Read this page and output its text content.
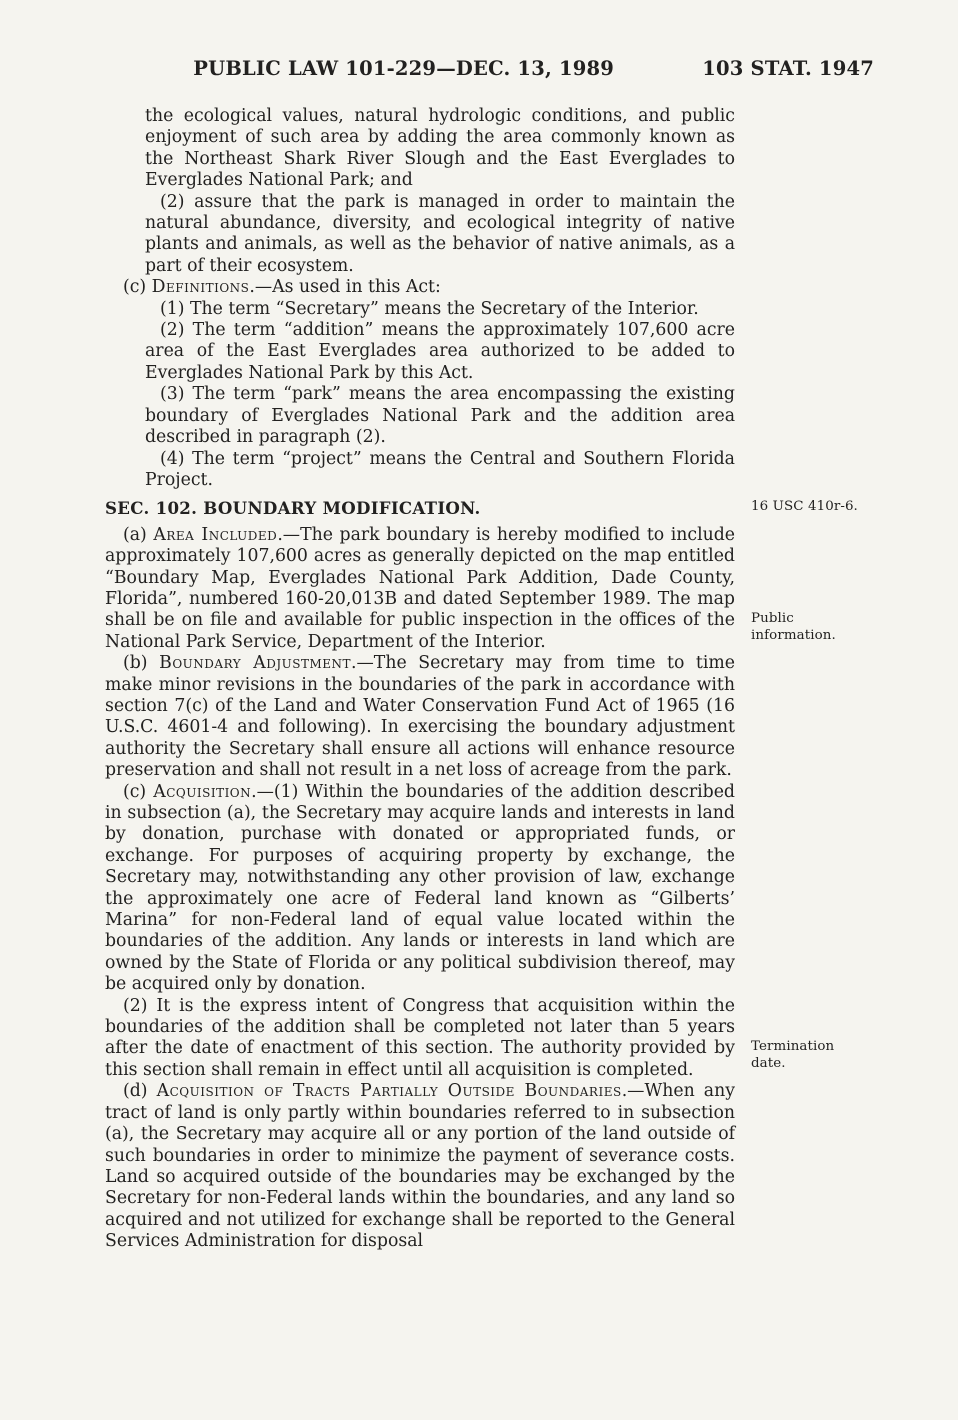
PUBLIC LAW 101-229—DEC. 13, 1989	103 STAT. 1947

the ecological values, natural hydrologic conditions, and public enjoyment of such area by adding the area commonly known as the Northeast Shark River Slough and the East Everglades to Everglades National Park; and

(2) assure that the park is managed in order to maintain the natural abundance, diversity, and ecological integrity of native plants and animals, as well as the behavior of native animals, as a part of their ecosystem.

(c) Definitions.—As used in this Act:

(1) The term “Secretary” means the Secretary of the Interior.

(2) The term “addition” means the approximately 107,600 acre area of the East Everglades area authorized to be added to Everglades National Park by this Act.

(3) The term “park” means the area encompassing the existing boundary of Everglades National Park and the addition area described in paragraph (2).

(4) The term “project” means the Central and Southern Florida Project.

SEC. 102. BOUNDARY MODIFICATION.	16 USC 410r-6.

(a) Area Included.—The park boundary is hereby modified to include approximately 107,600 acres as generally depicted on the map entitled “Boundary Map, Everglades National Park Addition, Dade County, Florida”, numbered 160-20,013B and dated September 1989. The map shall be on file and available for public inspection in the offices of the National Park Service, Department of the Interior.
Public
information.

(b) Boundary Adjustment.—The Secretary may from time to time make minor revisions in the boundaries of the park in accordance with section 7(c) of the Land and Water Conservation Fund Act of 1965 (16 U.S.C. 4601-4 and following). In exercising the boundary adjustment authority the Secretary shall ensure all actions will enhance resource preservation and shall not result in a net loss of acreage from the park.

(c) Acquisition.—(1) Within the boundaries of the addition described in subsection (a), the Secretary may acquire lands and interests in land by donation, purchase with donated or appropriated funds, or exchange. For purposes of acquiring property by exchange, the Secretary may, notwithstanding any other provision of law, exchange the approximately one acre of Federal land known as “Gilberts’ Marina” for non-Federal land of equal value located within the boundaries of the addition. Any lands or interests in land which are owned by the State of Florida or any political subdivision thereof, may be acquired only by donation.

(2) It is the express intent of Congress that acquisition within the boundaries of the addition shall be completed not later than 5 years after the date of enactment of this section. The authority provided by this section shall remain in effect until all acquisition is completed.
Termination
date.

(d) Acquisition of Tracts Partially Outside Boundaries.—When any tract of land is only partly within boundaries referred to in subsection (a), the Secretary may acquire all or any portion of the land outside of such boundaries in order to minimize the payment of severance costs. Land so acquired outside of the boundaries may be exchanged by the Secretary for non-Federal lands within the boundaries, and any land so acquired and not utilized for exchange shall be reported to the General Services Administration for disposal
